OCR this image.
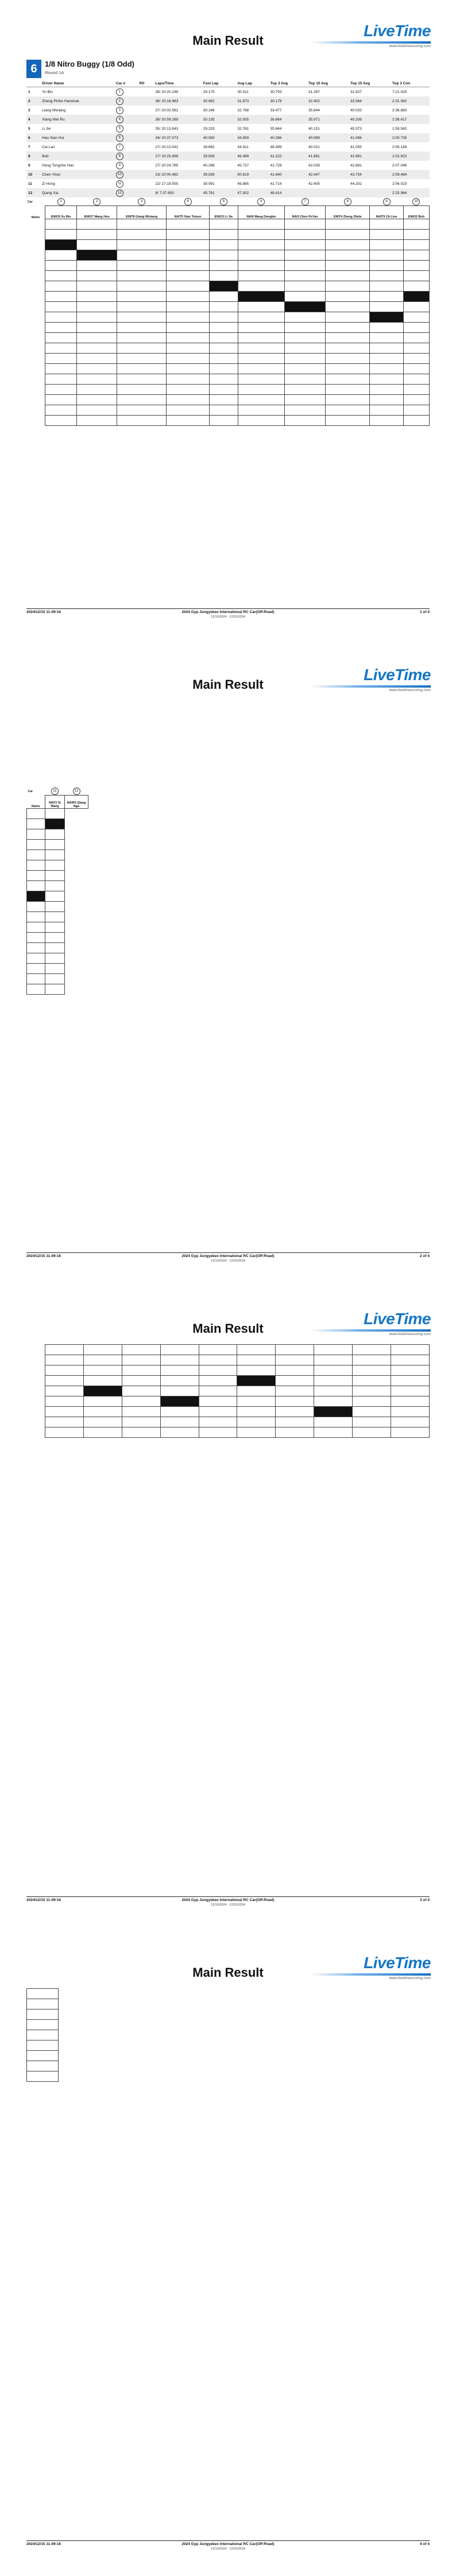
Main Result
LiveTime
www.livetimescoring.com
6	1/8 Nitro Buggy (1/8 Odd)
Round 1A
	Driver Name	Car #	Rfr	Laps/Time	Fast Lap	Avg Lap	Top 3 Avg	Top 10 Avg	Top 15 Avg	Top 3 Con
1	Yu Bin	1		39/ 20:20.246	29.175	30.011	30.793	31.397	31.927	7:21.425
2	Zheng Pinbo Hanstrak	2		38/ 20:18.963	30.982	31.873	30.178	32.402	33.364	2:31.062
3	Liang Wenjing	3		37/ 20:02.561	30.166	32.788	33.477	35.844	40.033	2:36.883
4	Xiang Wei Ru	4		36/ 20:59.289	30.135	32.935	36.664	35.971	40.208	2:38.417
5	Li Jie	5		35/ 20:13.843	29.233	32.761	35.844	40.151	45.373	1:59.543
6	Hao Xian Hui	6		34/ 20:37.073	40.083	34.559	40.286	40.999	41.086	2:00.735
7	Cai Lan	7		27/ 20:13.542	39.662	44.911	46.499	40.021	41.055	2:05.149
8	Bob	8		27/ 20:25.898	39.835	46.499	41.222	41.881	42.981	2:02.923
9	Hong Tongzhe Hao	9		27/ 20:24.785	40.288	45.737	41.729	42.028	42.881	2:07.046
10	Chen Yiran	10		23/ 20:00.482	39.939	50.619	41.640	42.447	43.754	2:08.464
11	Zi Hong	11		22/ 17:19.555	39.991	49.885	41.714	42.405	44.202	2:06.023
12	Qiang Xia	12		8/ 7:37.650	45.761	47.302	48.414			2:25.964
Car	1	2	3	4	5	6	7	8	9	10
Name	ENIO5 Xu Bin	ENIO7 Wang Hon	ENIT8 Giang Wintang	NAIT5 Xiao Tetson	ENIO3 Li Jie	NAI9 Wang Dongkin	NAI3 Chen PoYan	ENIT4 Zheng Zhide	NAIT9 Cb Line	ENIO2 Bob

2024/12/15 11:49:16	2024 Gyp Jungyekee International RC Car(Off-Road)
12/13/2024 - 12/15/2024
1 of 4
Main Result
LiveTime
www.livetimescoring.com
Car	11	12
Name	NAF2 Si Wang	NAIR5 Qiang Nga

2024/12/15 11:49:16	2024 Gyp Jungyekee International RC Car(Off-Road)
12/13/2024 - 12/15/2024
2 of 4
Main Result
LiveTime
www.livetimescoring.com

2024/12/15 11:49:16	2024 Gyp Jungyekee International RC Car(Off-Road)
12/13/2024 - 12/15/2024
3 of 4
Main Result
LiveTime
www.livetimescoring.com

2024/12/15 11:49:16	2024 Gyp Jungyekee International RC Car(Off-Road)
12/13/2024 - 12/15/2024
4 of 4
